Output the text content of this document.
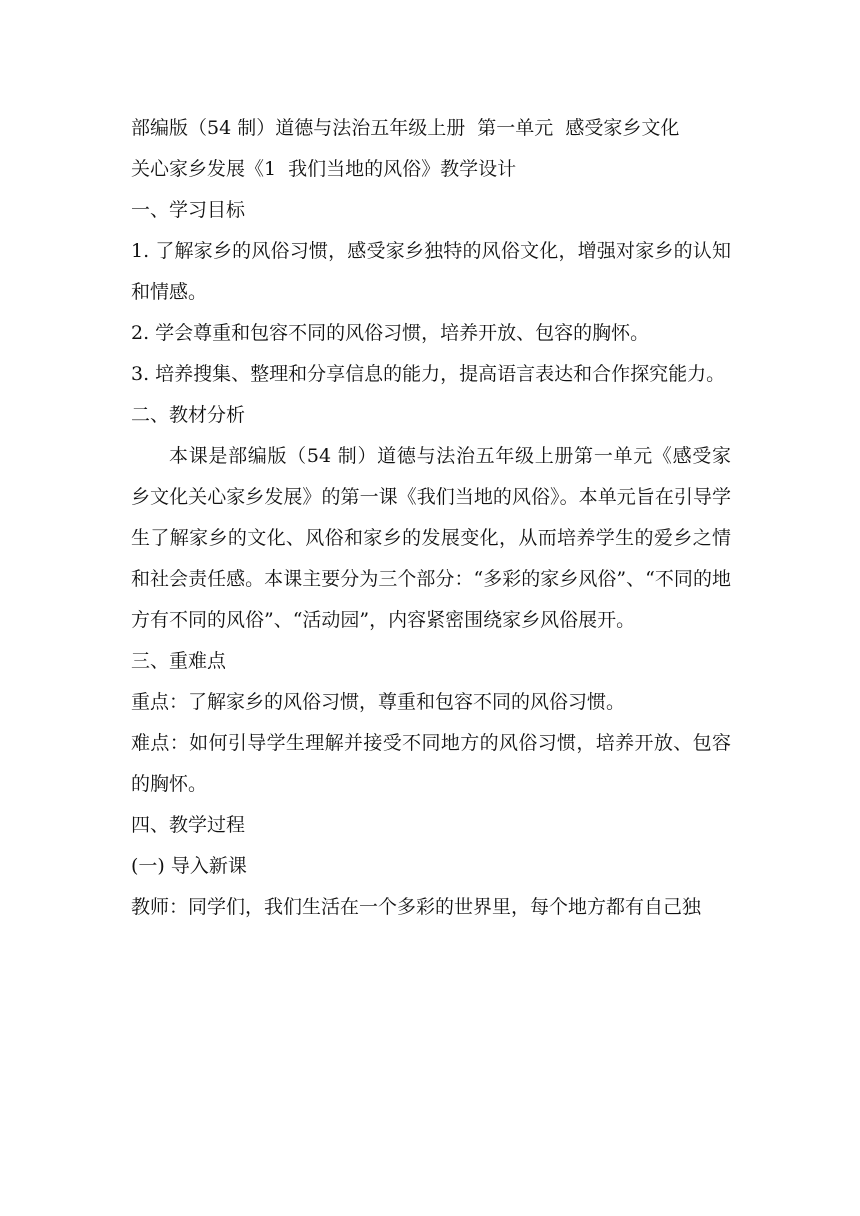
部编版（54 制）道德与法治五年级上册  第一单元  感受家乡文化

关心家乡发展《1  我们当地的风俗》教学设计

一、学习目标

1. 了解家乡的风俗习惯，感受家乡独特的风俗文化，增强对家乡的认知和情感。

2. 学会尊重和包容不同的风俗习惯，培养开放、包容的胸怀。

3. 培养搜集、整理和分享信息的能力，提高语言表达和合作探究能力。

二、教材分析

本课是部编版（54 制）道德与法治五年级上册第一单元《感受家乡文化关心家乡发展》的第一课《我们当地的风俗》。本单元旨在引导学生了解家乡的文化、风俗和家乡的发展变化，从而培养学生的爱乡之情和社会责任感。本课主要分为三个部分：“多彩的家乡风俗”、“不同的地方有不同的风俗”、“活动园”，内容紧密围绕家乡风俗展开。

三、重难点

重点：了解家乡的风俗习惯，尊重和包容不同的风俗习惯。

难点：如何引导学生理解并接受不同地方的风俗习惯，培养开放、包容的胸怀。

四、教学过程

(一) 导入新课

教师：同学们，我们生活在一个多彩的世界里，每个地方都有自己独
